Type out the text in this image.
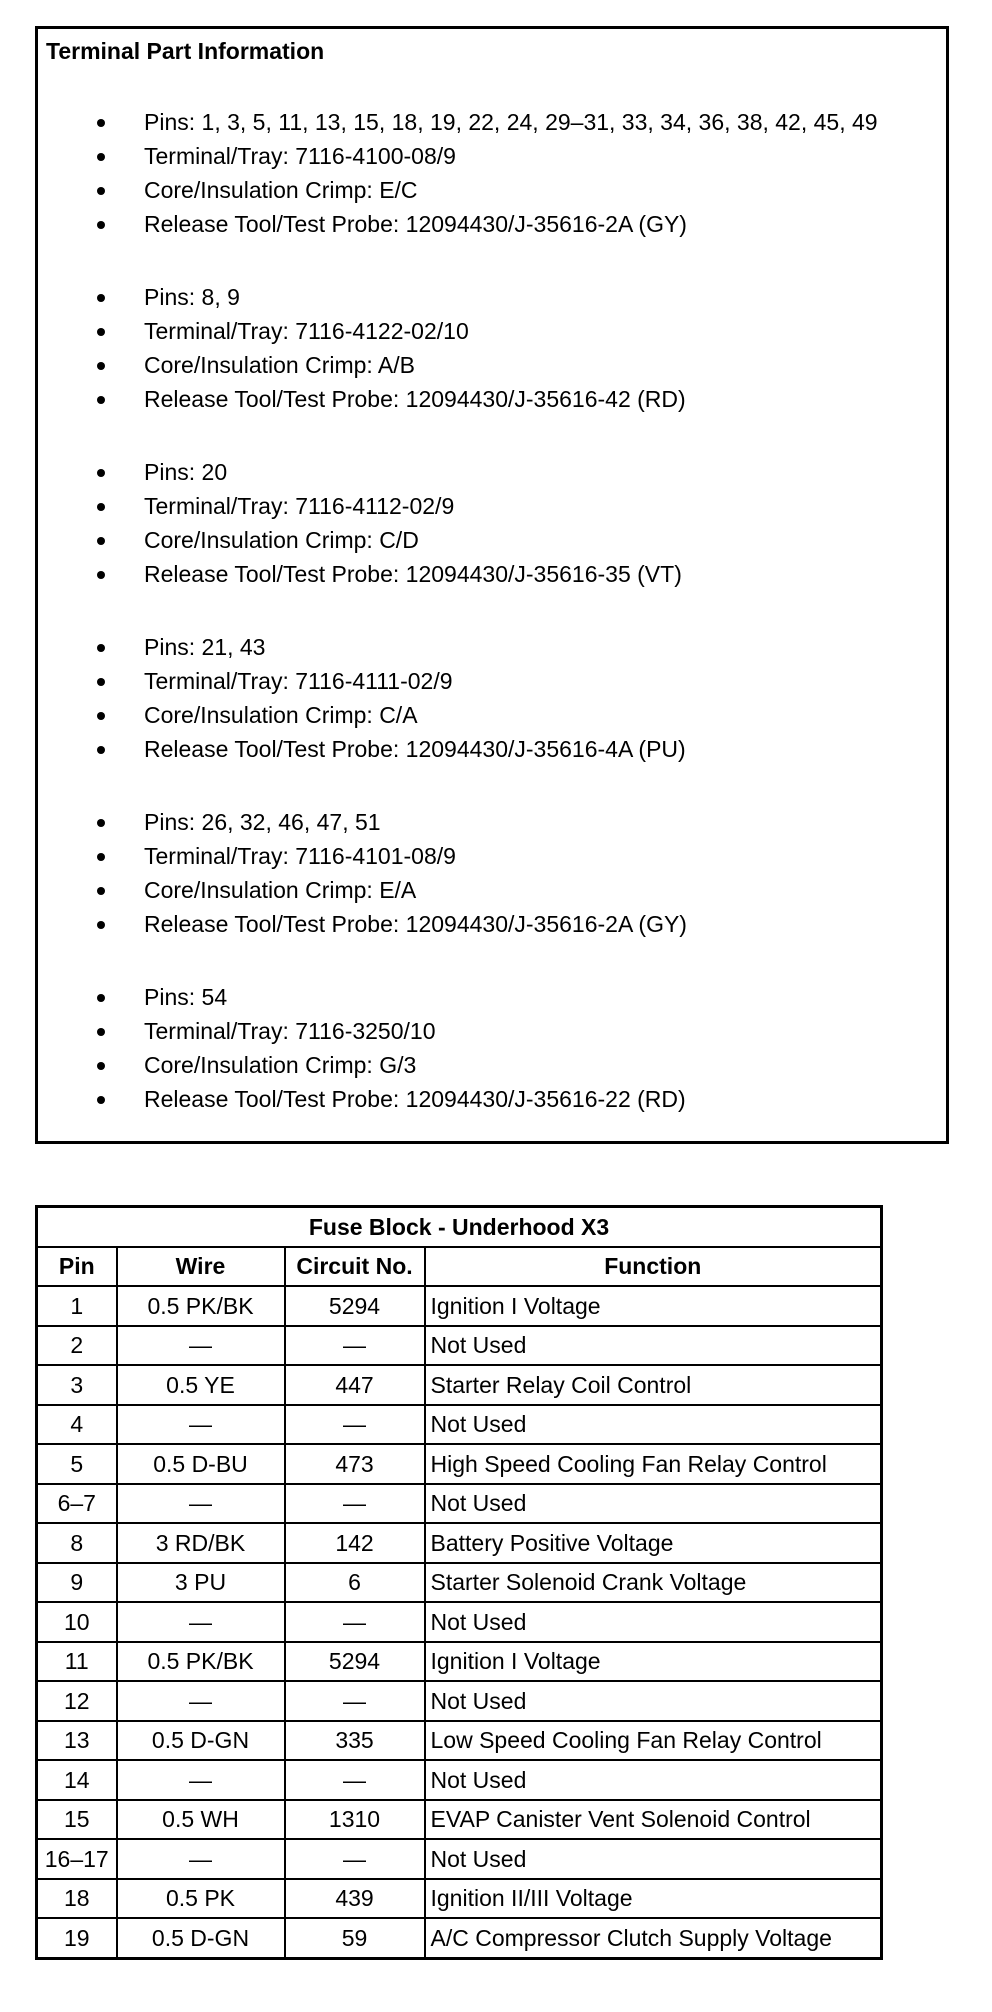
Terminal Part Information
Pins: 1, 3, 5, 11, 13, 15, 18, 19, 22, 24, 29–31, 33, 34, 36, 38, 42, 45, 49
Terminal/Tray: 7116-4100-08/9
Core/Insulation Crimp: E/C
Release Tool/Test Probe: 12094430/J-35616-2A (GY)
Pins: 8, 9
Terminal/Tray: 7116-4122-02/10
Core/Insulation Crimp: A/B
Release Tool/Test Probe: 12094430/J-35616-42 (RD)
Pins: 20
Terminal/Tray: 7116-4112-02/9
Core/Insulation Crimp: C/D
Release Tool/Test Probe: 12094430/J-35616-35 (VT)
Pins: 21, 43
Terminal/Tray: 7116-4111-02/9
Core/Insulation Crimp: C/A
Release Tool/Test Probe: 12094430/J-35616-4A (PU)
Pins: 26, 32, 46, 47, 51
Terminal/Tray: 7116-4101-08/9
Core/Insulation Crimp: E/A
Release Tool/Test Probe: 12094430/J-35616-2A (GY)
Pins: 54
Terminal/Tray: 7116-3250/10
Core/Insulation Crimp: G/3
Release Tool/Test Probe: 12094430/J-35616-22 (RD)
Fuse Block - Underhood X3			
Pin	Wire	Circuit No.	Function
1	0.5 PK/BK	5294	Ignition I Voltage
2	—	—	Not Used
3	0.5 YE	447	Starter Relay Coil Control
4	—	—	Not Used
5	0.5 D-BU	473	High Speed Cooling Fan Relay Control
6–7	—	—	Not Used
8	3 RD/BK	142	Battery Positive Voltage
9	3 PU	6	Starter Solenoid Crank Voltage
10	—	—	Not Used
11	0.5 PK/BK	5294	Ignition I Voltage
12	—	—	Not Used
13	0.5 D-GN	335	Low Speed Cooling Fan Relay Control
14	—	—	Not Used
15	0.5 WH	1310	EVAP Canister Vent Solenoid Control
16–17	—	—	Not Used
18	0.5 PK	439	Ignition II/III Voltage
19	0.5 D-GN	59	A/C Compressor Clutch Supply Voltage
